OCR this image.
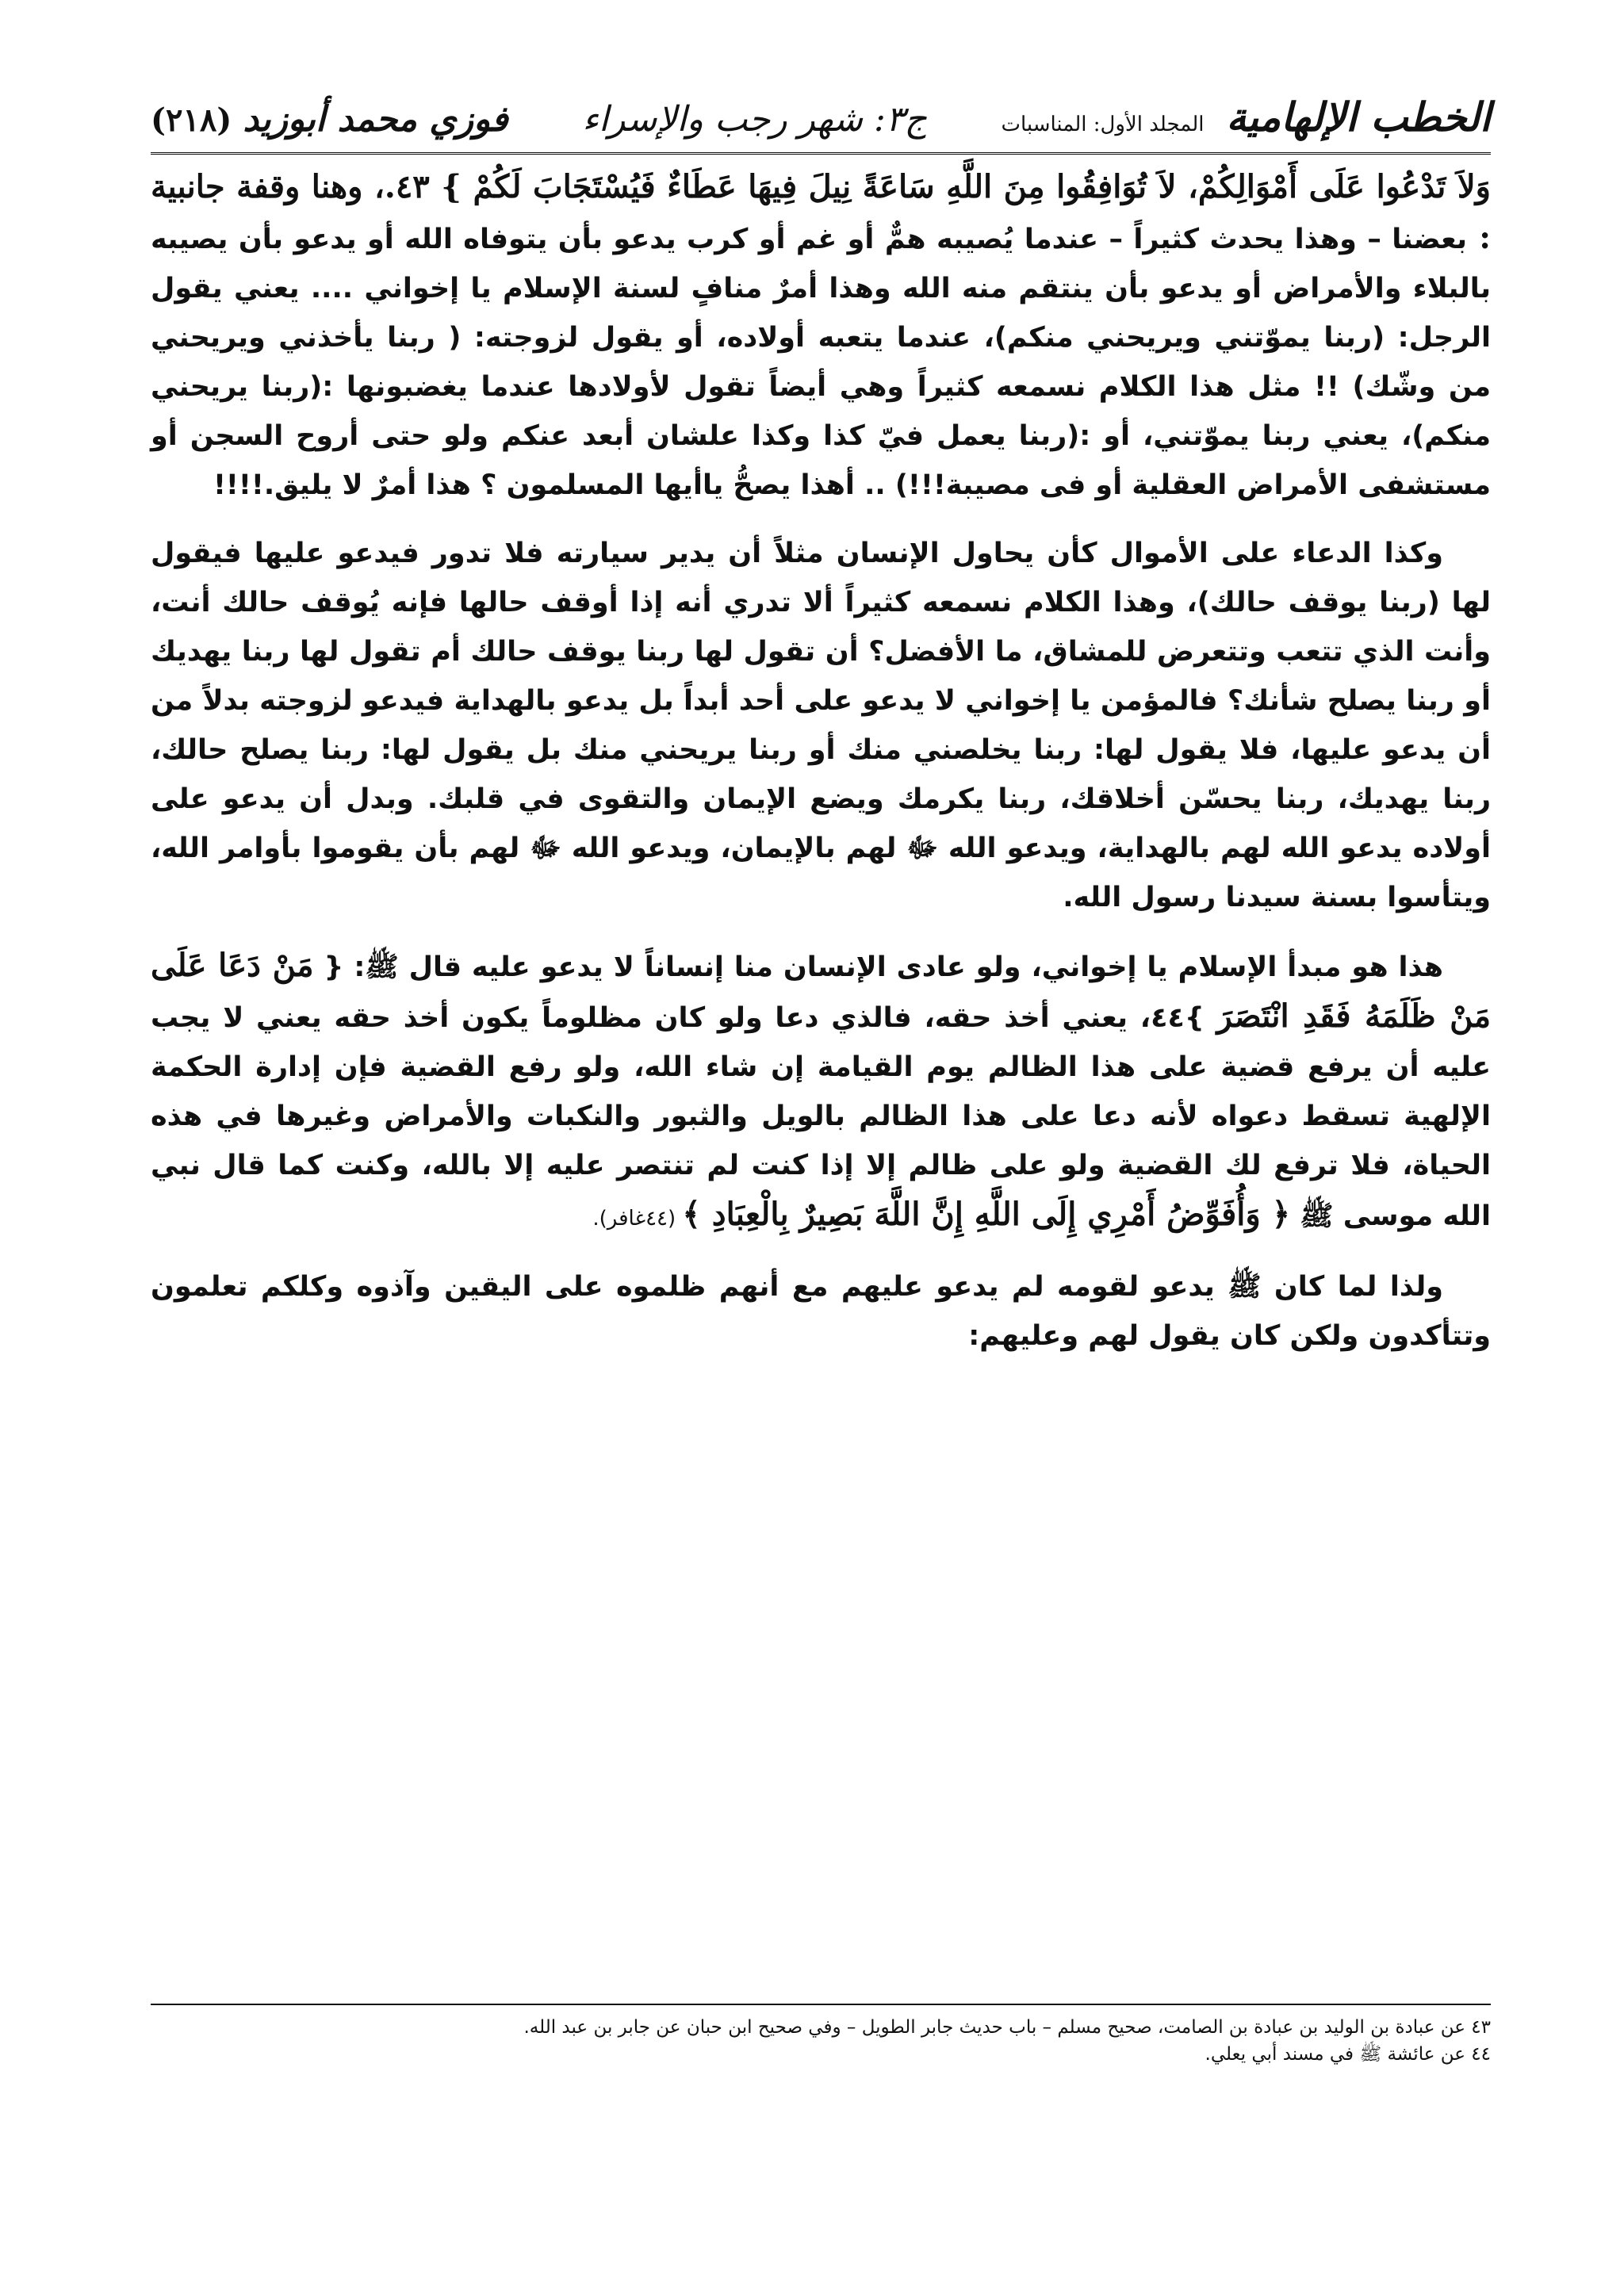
الخطب الإلهامية
المجلد الأول: المناسبات
ج٣: شهر رجب والإسراء
فوزي محمد أبوزيد
(٢١٨)

وَلاَ تَدْعُوا عَلَى أَمْوَالِكُمْ، لاَ تُوَافِقُوا مِنَ اللَّهِ سَاعَةً نِيلَ فِيهَا عَطَاءٌ فَيُسْتَجَابَ لَكُمْ } ٤٣.، وهنا وقفة جانبية : بعضنا – وهذا يحدث كثيراً – عندما يُصيبه همٌّ أو غم أو كرب يدعو بأن يتوفاه الله أو يدعو بأن يصيبه بالبلاء والأمراض أو يدعو بأن ينتقم منه الله وهذا أمرٌ منافٍ لسنة الإسلام يا إخواني .... يعني يقول الرجل: (ربنا يموّتني ويريحني منكم)، عندما يتعبه أولاده، أو يقول لزوجته: ( ربنا يأخذني ويريحني من وشّك) !! مثل هذا الكلام نسمعه كثيراً وهي أيضاً تقول لأولادها عندما يغضبونها :(ربنا يريحني منكم)، يعني ربنا يموّتني، أو :(ربنا يعمل فيّ كذا وكذا علشان أبعد عنكم ولو حتى أروح السجن أو مستشفى الأمراض العقلية أو فى مصيبة!!!) .. أهذا يصحُّ ياأيها المسلمون ؟ هذا أمرٌ لا يليق.!!!!

وكذا الدعاء على الأموال كأن يحاول الإنسان مثلاً أن يدير سيارته فلا تدور فيدعو عليها فيقول لها (ربنا يوقف حالك)، وهذا الكلام نسمعه كثيراً ألا تدري أنه إذا أوقف حالها فإنه يُوقف حالك أنت، وأنت الذي تتعب وتتعرض للمشاق، ما الأفضل؟ أن تقول لها ربنا يوقف حالك أم تقول لها ربنا يهديك أو ربنا يصلح شأنك؟ فالمؤمن يا إخواني لا يدعو على أحد أبداً بل يدعو بالهداية فيدعو لزوجته بدلاً من أن يدعو عليها، فلا يقول لها: ربنا يخلصني منك أو ربنا يريحني منك بل يقول لها: ربنا يصلح حالك، ربنا يهديك، ربنا يحسّن أخلاقك، ربنا يكرمك ويضع الإيمان والتقوى في قلبك. وبدل أن يدعو على أولاده يدعو الله لهم بالهداية، ويدعو الله ﷻ لهم بالإيمان، ويدعو الله ﷻ لهم بأن يقوموا بأوامر الله، ويتأسوا بسنة سيدنا رسول الله.

هذا هو مبدأ الإسلام يا إخواني، ولو عادى الإنسان منا إنساناً لا يدعو عليه قال ﷺ: { مَنْ دَعَا عَلَى مَنْ ظَلَمَهُ فَقَدِ انْتَصَرَ }٤٤، يعني أخذ حقه، فالذي دعا ولو كان مظلوماً يكون أخذ حقه يعني لا يجب عليه أن يرفع قضية على هذا الظالم يوم القيامة إن شاء الله، ولو رفع القضية فإن إدارة الحكمة الإلهية تسقط دعواه لأنه دعا على هذا الظالم بالويل والثبور والنكبات والأمراض وغيرها في هذه الحياة، فلا ترفع لك القضية ولو على ظالم إلا إذا كنت لم تنتصر عليه إلا بالله، وكنت كما قال نبي الله موسى ﷺ ﴿ وَأُفَوِّضُ أَمْرِي إِلَى اللَّهِ إِنَّ اللَّهَ بَصِيرٌ بِالْعِبَادِ ﴾ (٤٤غافر).

ولذا لما كان ﷺ يدعو لقومه لم يدعو عليهم مع أنهم ظلموه على اليقين وآذوه وكلكم تعلمون وتتأكدون ولكن كان يقول لهم وعليهم:

٤٣ عن عبادة بن الوليد بن عبادة بن الصامت، صحيح مسلم – باب حديث جابر الطويل – وفي صحيح ابن حبان عن جابر بن عبد الله.
٤٤ عن عائشة ﷺ في مسند أبي يعلي.
